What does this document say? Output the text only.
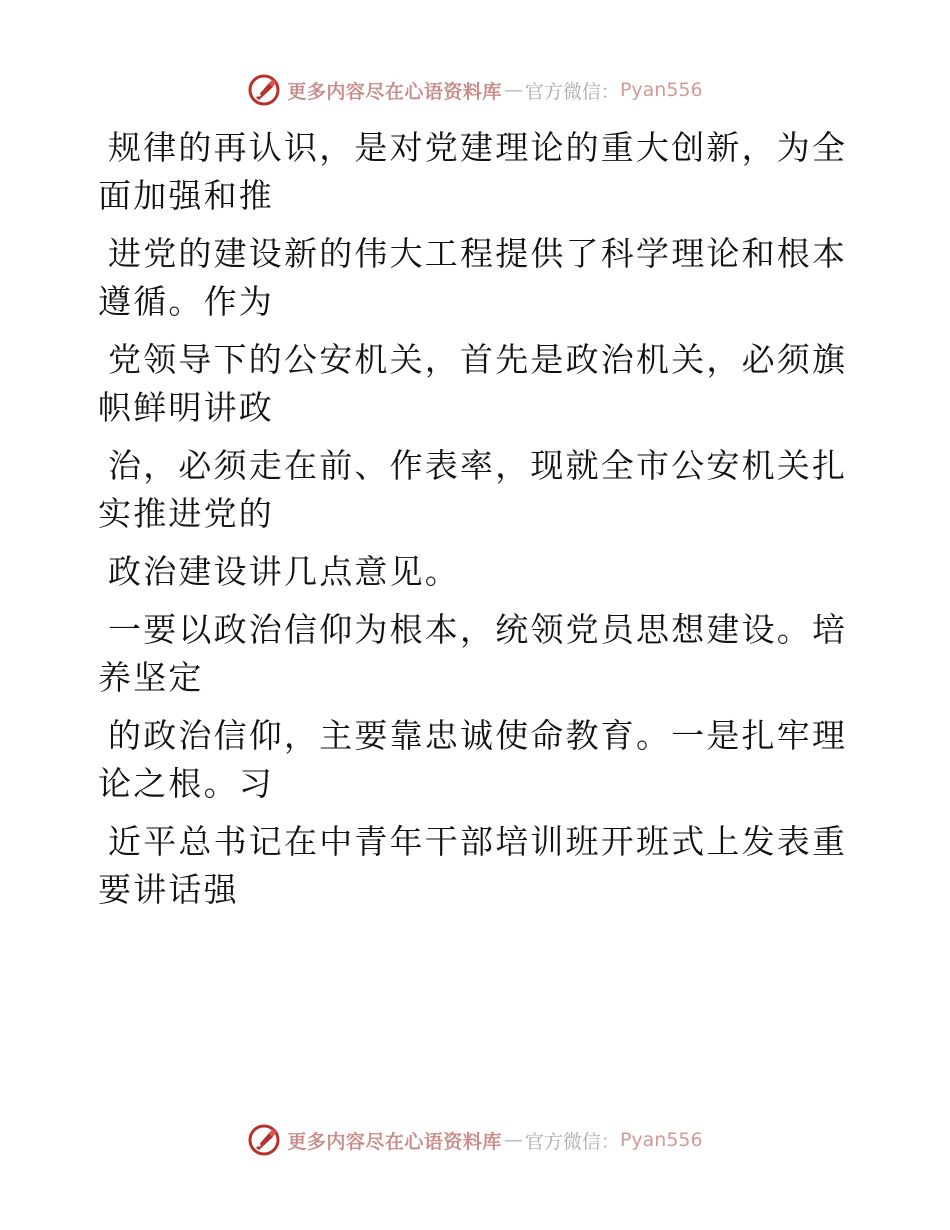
更多内容尽在心语资料库 — 官方微信： Pyan556
规律的再认识，是对党建理论的重大创新，为全
面加强和推
进党的建设新的伟大工程提供了科学理论和根本
遵循。作为
党领导下的公安机关，首先是政治机关，必须旗
帜鲜明讲政
治，必须走在前、作表率，现就全市公安机关扎
实推进党的
政治建设讲几点意见。
一要以政治信仰为根本，统领党员思想建设。培
养坚定
的政治信仰，主要靠忠诚使命教育。一是扎牢理
论之根。习
近平总书记在中青年干部培训班开班式上发表重
要讲话强
更多内容尽在心语资料库 — 官方微信： Pyan556
